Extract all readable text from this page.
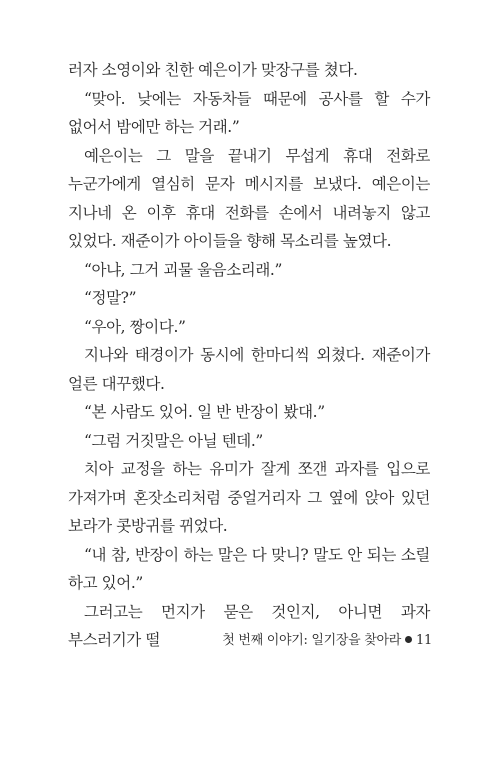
러자 소영이와 친한 예은이가 맞장구를 쳤다.

“맞아. 낮에는 자동차들 때문에 공사를 할 수가 없어서 밤에만 하는 거래.”

예은이는 그 말을 끝내기 무섭게 휴대 전화로 누군가에게 열심히 문자 메시지를 보냈다. 예은이는 지나네 온 이후 휴대 전화를 손에서 내려놓지 않고 있었다. 재준이가 아이들을 향해 목소리를 높였다.

“아냐, 그거 괴물 울음소리래.”

“정말?”

“우아, 짱이다.”

지나와 태경이가 동시에 한마디씩 외쳤다. 재준이가 얼른 대꾸했다.

“본 사람도 있어. 일 반 반장이 봤대.”

“그럼 거짓말은 아닐 텐데.”

치아 교정을 하는 유미가 잘게 쪼갠 과자를 입으로 가져가며 혼잣소리처럼 중얼거리자 그 옆에 앉아 있던 보라가 콧방귀를 뀌었다.

“내 참, 반장이 하는 말은 다 맞니? 말도 안 되는 소릴 하고 있어.”

그러고는 먼지가 묻은 것인지, 아니면 과자 부스러기가 떨	첫 번째 이야기: 일기장을 찾아라 11
